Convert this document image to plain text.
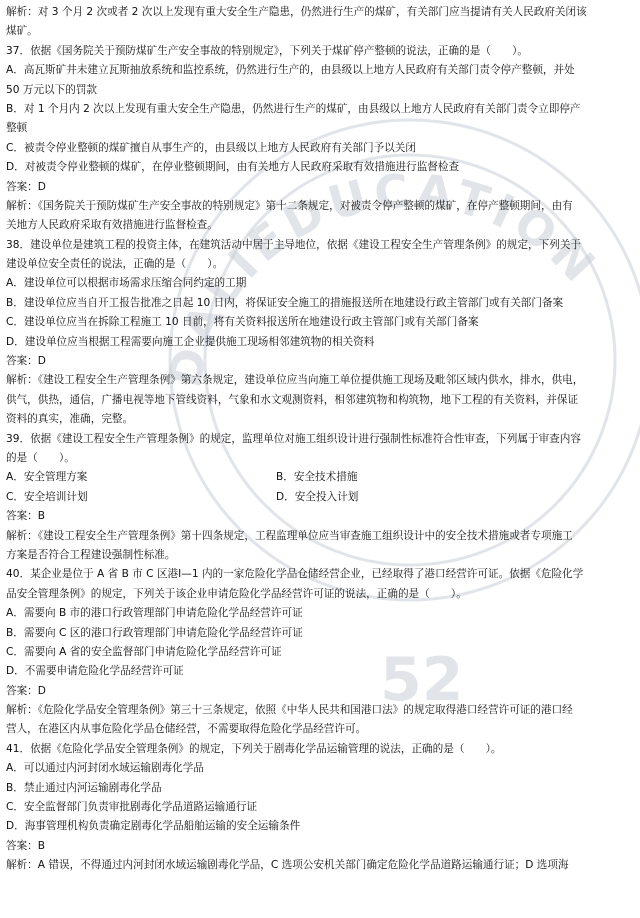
DALIEDUCATION
52
解析：对 3 个月 2 次或者 2 次以上发现有重大安全生产隐患，仍然进行生产的煤矿，有关部门应当提请有关人民政府关闭该
煤矿。
37．依据《国务院关于预防煤矿生产安全事故的特别规定》，下列关于煤矿停产整顿的说法，正确的是（　　）。
A．高瓦斯矿井未建立瓦斯抽放系统和监控系统，仍然进行生产的，由县级以上地方人民政府有关部门责令停产整顿，并处
50 万元以下的罚款
B．对 1 个月内 2 次以上发现有重大安全生产隐患，仍然进行生产的煤矿，由县级以上地方人民政府有关部门责令立即停产
整顿
C．被责令停业整顿的煤矿擅自从事生产的，由县级以上地方人民政府有关部门予以关闭
D．对被责令停业整顿的煤矿，在停业整顿期间，由有关地方人民政府采取有效措施进行监督检查
答案：D
解析：《国务院关于预防煤矿生产安全事故的特别规定》第十二条规定，对被责令停产整顿的煤矿，在停产整顿期间，由有
关地方人民政府采取有效措施进行监督检查。
38．建设单位是建筑工程的投资主体，在建筑活动中居于主导地位，依据《建设工程安全生产管理条例》的规定，下列关于
建设单位安全责任的说法，正确的是（　　）。
A．建设单位可以根据市场需求压缩合同约定的工期
B．建设单位应当自开工报告批准之日起 10 日内，将保证安全施工的措施报送所在地建设行政主管部门或有关部门备案
C．建设单位应当在拆除工程施工 10 日前，将有关资料报送所在地建设行政主管部门或有关部门备案
D．建设单位应当根据工程需要向施工企业提供施工现场相邻建筑物的相关资料
答案：D
解析：《建设工程安全生产管理条例》第六条规定，建设单位应当向施工单位提供施工现场及毗邻区域内供水，排水，供电，
供气，供热，通信，广播电视等地下管线资料，气象和水文观测资料，相邻建筑物和构筑物，地下工程的有关资料，并保证
资料的真实，准确，完整。
39．依据《建设工程安全生产管理条例》的规定，监理单位对施工组织设计进行强制性标准符合性审查，下列属于审查内容
的是（　　）。
A．安全管理方案	B．安全技术措施
C．安全培训计划	D．安全投入计划
答案：B
解析：《建设工程安全生产管理条例》第十四条规定，工程监理单位应当审查施工组织设计中的安全技术措施或者专项施工
方案是否符合工程建设强制性标准。
40．某企业是位于 A 省 B 市 C 区港Ⅰ—1 内的一家危险化学品仓储经营企业，已经取得了港口经营许可证。依据《危险化学
品安全管理条例》的规定，下列关于该企业申请危险化学品经营许可证的说法，正确的是（　　）。
A．需要向 B 市的港口行政管理部门申请危险化学品经营许可证
B．需要向 C 区的港口行政管理部门申请危险化学品经营许可证
C．需要向 A 省的安全监督部门申请危险化学品经营许可证
D．不需要申请危险化学品经营许可证
答案：D
解析：《危险化学品安全管理条例》第三十三条规定，依照《中华人民共和国港口法》的规定取得港口经营许可证的港口经
营人，在港区内从事危险化学品仓储经营，不需要取得危险化学品经营许可。
41．依据《危险化学品安全管理条例》的规定，下列关于剧毒化学品运输管理的说法，正确的是（　　）。
A．可以通过内河封闭水域运输剧毒化学品
B．禁止通过内河运输剧毒化学品
C．安全监督部门负责审批剧毒化学品道路运输通行证
D．海事管理机构负责确定剧毒化学品船舶运输的安全运输条件
答案：B
解析：A 错误，不得通过内河封闭水域运输剧毒化学品，C 选项公安机关部门确定危险化学品道路运输通行证；D 选项海
